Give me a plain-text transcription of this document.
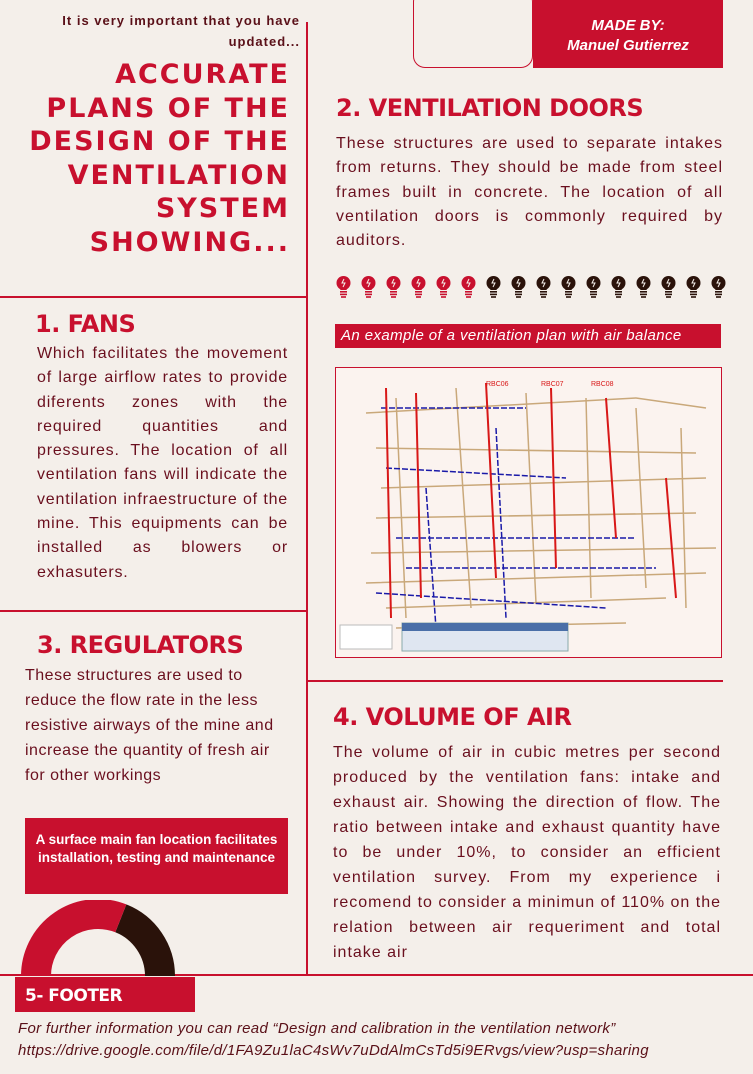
It is very important that you have updated...
ACCURATE PLANS OF THE DESIGN OF THE VENTILATION SYSTEM SHOWING...
MADE BY:
Manuel Gutierrez
1. FANS
Which facilitates the movement of large airflow rates to provide diferents zones with the required quantities and pressures. The location of all ventilation fans will indicate the ventilation infraestructure of the mine. This equipments can be installed as blowers or exhasuters.
3. REGULATORS
These structures are used to reduce the flow rate in the less resistive airways of the mine and increase the quantity of fresh air for other workings
A surface main fan location facilitates installation, testing and maintenance
2. VENTILATION DOORS
These structures are used to separate intakes from returns. They should be made from steel frames built in concrete. The location of all ventilation doors is commonly required by auditors.
An example of a ventilation plan with air balance
RBC06	RBC07	RBC08
4. VOLUME OF AIR
The volume of air in cubic metres per second produced by the ventilation fans: intake and exhaust air. Showing the direction of flow. The ratio between intake and exhaust quantity have to be under 10%, to consider an efficient ventilation survey. From my experience i recomend to consider a minimun of 110% on the relation between air requeriment and total intake air
5- FOOTER
For further information you can read “Design and calibration in the ventilation network”
https://drive.google.com/file/d/1FA9Zu1laC4sWv7uDdAlmCsTd5i9ERvgs/view?usp=sharing
